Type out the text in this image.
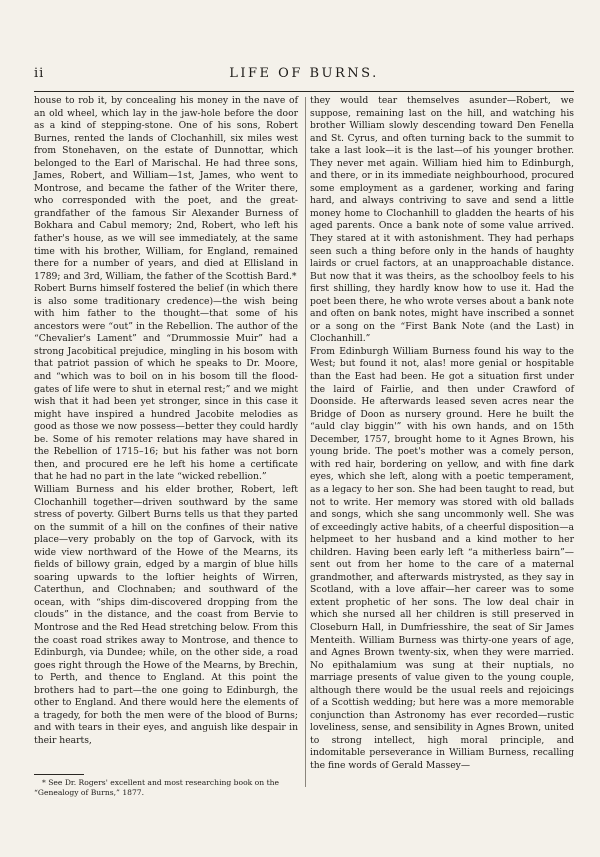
ii	LIFE OF BURNS.

house to rob it, by concealing his money in the nave of an old wheel, which lay in the jaw-hole before the door as a kind of stepping-stone. One of his sons, Robert Burnes, rented the lands of Clochanhill, six miles west from Stonehaven, on the estate of Dunnottar, which belonged to the Earl of Marischal. He had three sons, James, Robert, and William—1st, James, who went to Montrose, and became the father of the Writer there, who corresponded with the poet, and the great-grandfather of the famous Sir Alexander Burness of Bokhara and Cabul memory; 2nd, Robert, who left his father's house, as we will see immediately, at the same time with his brother, William, for England, remained there for a number of years, and died at Ellisland in 1789; and 3rd, William, the father of the Scottish Bard.*

Robert Burns himself fostered the belief (in which there is also some traditionary credence)—the wish being with him father to the thought—that some of his ancestors were “out” in the Rebellion. The author of the “Chevalier's Lament” and “Drummossie Muir” had a strong Jacobitical prejudice, mingling in his bosom with that patriot passion of which he speaks to Dr. Moore, and “which was to boil on in his bosom till the flood-gates of life were to shut in eternal rest;” and we might wish that it had been yet stronger, since in this case it might have inspired a hundred Jacobite melodies as good as those we now possess—better they could hardly be. Some of his remoter relations may have shared in the Rebellion of 1715–16; but his father was not born then, and procured ere he left his home a certificate that he had no part in the late “wicked rebellion.”

William Burness and his elder brother, Robert, left Clochanhill together—driven southward by the same stress of poverty. Gilbert Burns tells us that they parted on the summit of a hill on the confines of their native place—very probably on the top of Garvock, with its wide view northward of the Howe of the Mearns, its fields of billowy grain, edged by a margin of blue hills soaring upwards to the loftier heights of Wirren, Caterthun, and Clochnaben; and southward of the ocean, with “ships dim-discovered dropping from the clouds” in the distance, and the coast from Bervie to Montrose and the Red Head stretching below. From this the coast road strikes away to Montrose, and thence to Edinburgh, via Dundee; while, on the other side, a road goes right through the Howe of the Mearns, by Brechin, to Perth, and thence to England. At this point the brothers had to part—the one going to Edinburgh, the other to England. And there would here the elements of a tragedy, for both the men were of the blood of Burns; and with tears in their eyes, and anguish like despair in their hearts,

they would tear themselves asunder—Robert, we suppose, remaining last on the hill, and watching his brother William slowly descending toward Den Fenella and St. Cyrus, and often turning back to the summit to take a last look—it is the last—of his younger brother. They never met again. William hied him to Edinburgh, and there, or in its immediate neighbourhood, procured some employment as a gardener, working and faring hard, and always contriving to save and send a little money home to Clochanhill to gladden the hearts of his aged parents. Once a bank note of some value arrived. They stared at it with astonishment. They had perhaps seen such a thing before only in the hands of haughty lairds or cruel factors, at an unapproachable distance. But now that it was theirs, as the schoolboy feels to his first shilling, they hardly know how to use it. Had the poet been there, he who wrote verses about a bank note and often on bank notes, might have inscribed a sonnet or a song on the “First Bank Note (and the Last) in Clochanhill.”

From Edinburgh William Burness found his way to the West; but found it not, alas! more genial or hospitable than the East had been. He got a situation first under the laird of Fairlie, and then under Crawford of Doonside. He afterwards leased seven acres near the Bridge of Doon as nursery ground. Here he built the “auld clay biggin'” with his own hands, and on 15th December, 1757, brought home to it Agnes Brown, his young bride. The poet's mother was a comely person, with red hair, bordering on yellow, and with fine dark eyes, which she left, along with a poetic temperament, as a legacy to her son. She had been taught to read, but not to write. Her memory was stored with old ballads and songs, which she sang uncommonly well. She was of exceedingly active habits, of a cheerful disposition—a helpmeet to her husband and a kind mother to her children. Having been early left “a mitherless bairn”—sent out from her home to the care of a maternal grandmother, and afterwards mistrysted, as they say in Scotland, with a love affair—her career was to some extent prophetic of her sons. The low deal chair in which she nursed all her children is still preserved in Closeburn Hall, in Dumfriesshire, the seat of Sir James Menteith. William Burness was thirty-one years of age, and Agnes Brown twenty-six, when they were married. No epithalamium was sung at their nuptials, no marriage presents of value given to the young couple, although there would be the usual reels and rejoicings of a Scottish wedding; but here was a more memorable conjunction than Astronomy has ever recorded—rustic loveliness, sense, and sensibility in Agnes Brown, united to strong intellect, high moral principle, and indomitable perseverance in William Burness, recalling the fine words of Gerald Massey—

* See Dr. Rogers' excellent and most researching book on the
“Genealogy of Burns,” 1877.
